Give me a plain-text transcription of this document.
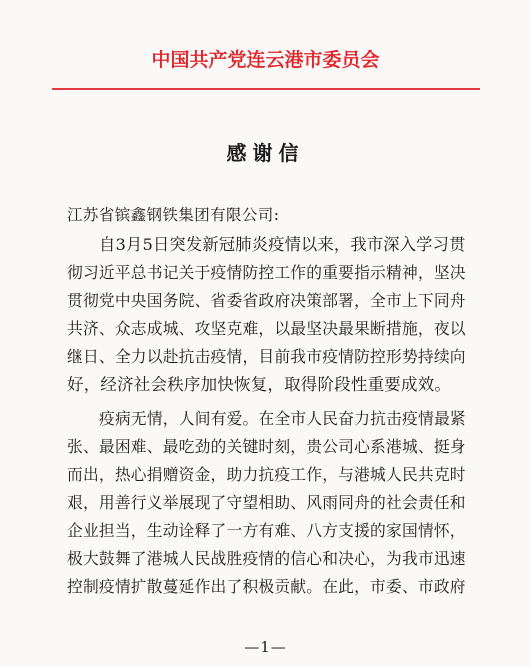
中国共产党连云港市委员会
感谢信
江苏省镔鑫钢铁集团有限公司:
自3月5日突发新冠肺炎疫情以来，我市深入学习贯
彻习近平总书记关于疫情防控工作的重要指示精神，坚决
贯彻党中央国务院、省委省政府决策部署，全市上下同舟
共济、众志成城、攻坚克难，以最坚决最果断措施，夜以
继日、全力以赴抗击疫情，目前我市疫情防控形势持续向
好，经济社会秩序加快恢复，取得阶段性重要成效。
疫病无情，人间有爱。在全市人民奋力抗击疫情最紧
张、最困难、最吃劲的关键时刻，贵公司心系港城、挺身
而出，热心捐赠资金，助力抗疫工作，与港城人民共克时
艰，用善行义举展现了守望相助、风雨同舟的社会责任和
企业担当，生动诠释了一方有难、八方支援的家国情怀，
极大鼓舞了港城人民战胜疫情的信心和决心，为我市迅速
控制疫情扩散蔓延作出了积极贡献。在此，市委、市政府
—1—
